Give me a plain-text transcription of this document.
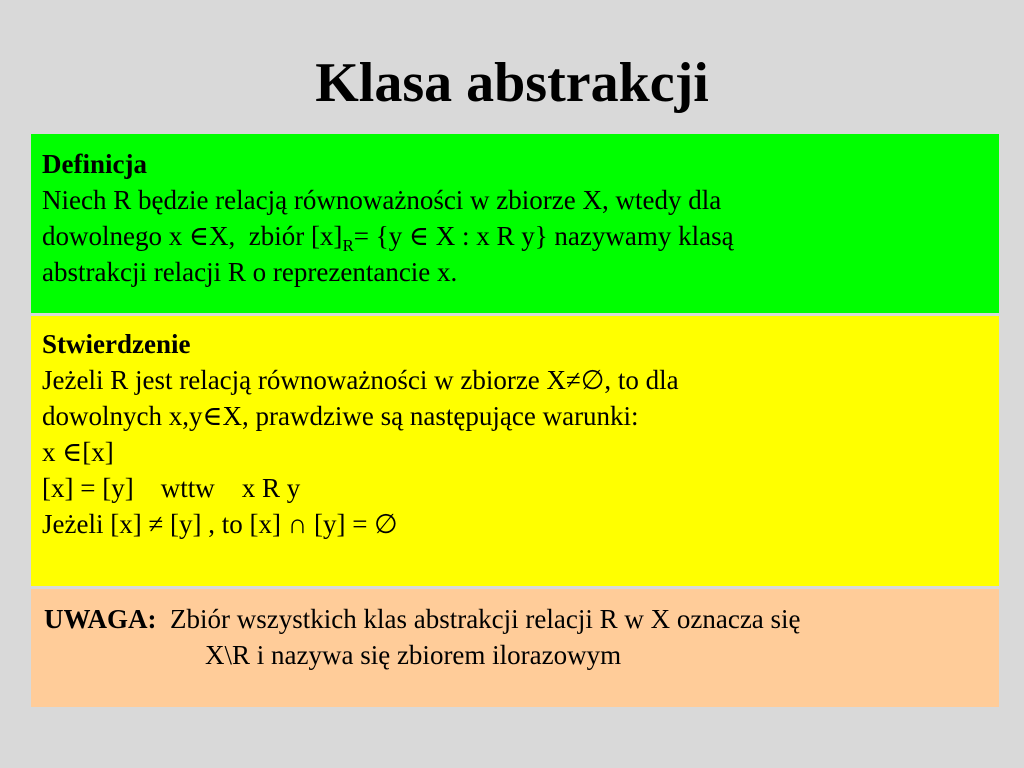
Klasa abstrakcji
Definicja
Niech R będzie relacją równoważności w zbiorze X, wtedy dla
dowolnego x ∈X,  zbiór $[x]_R= \{y$ ∈ X : x R y} nazywamy klasą
abstrakcji relacji R o reprezentancie x.
Stwierdzenie
Jeżeli R jest relacją równoważności w zbiorze X≠∅, to dla
dowolnych x,y∈X, prawdziwe są następujące warunki:
x ∈[x]
[x] = [y]    wttw    x R y
Jeżeli [x] ≠ [y] , to [x] ∩ [y] = ∅
UWAGA:  Zbiór wszystkich klas abstrakcji relacji R w X oznacza się
X\R i nazywa się zbiorem ilorazowym
